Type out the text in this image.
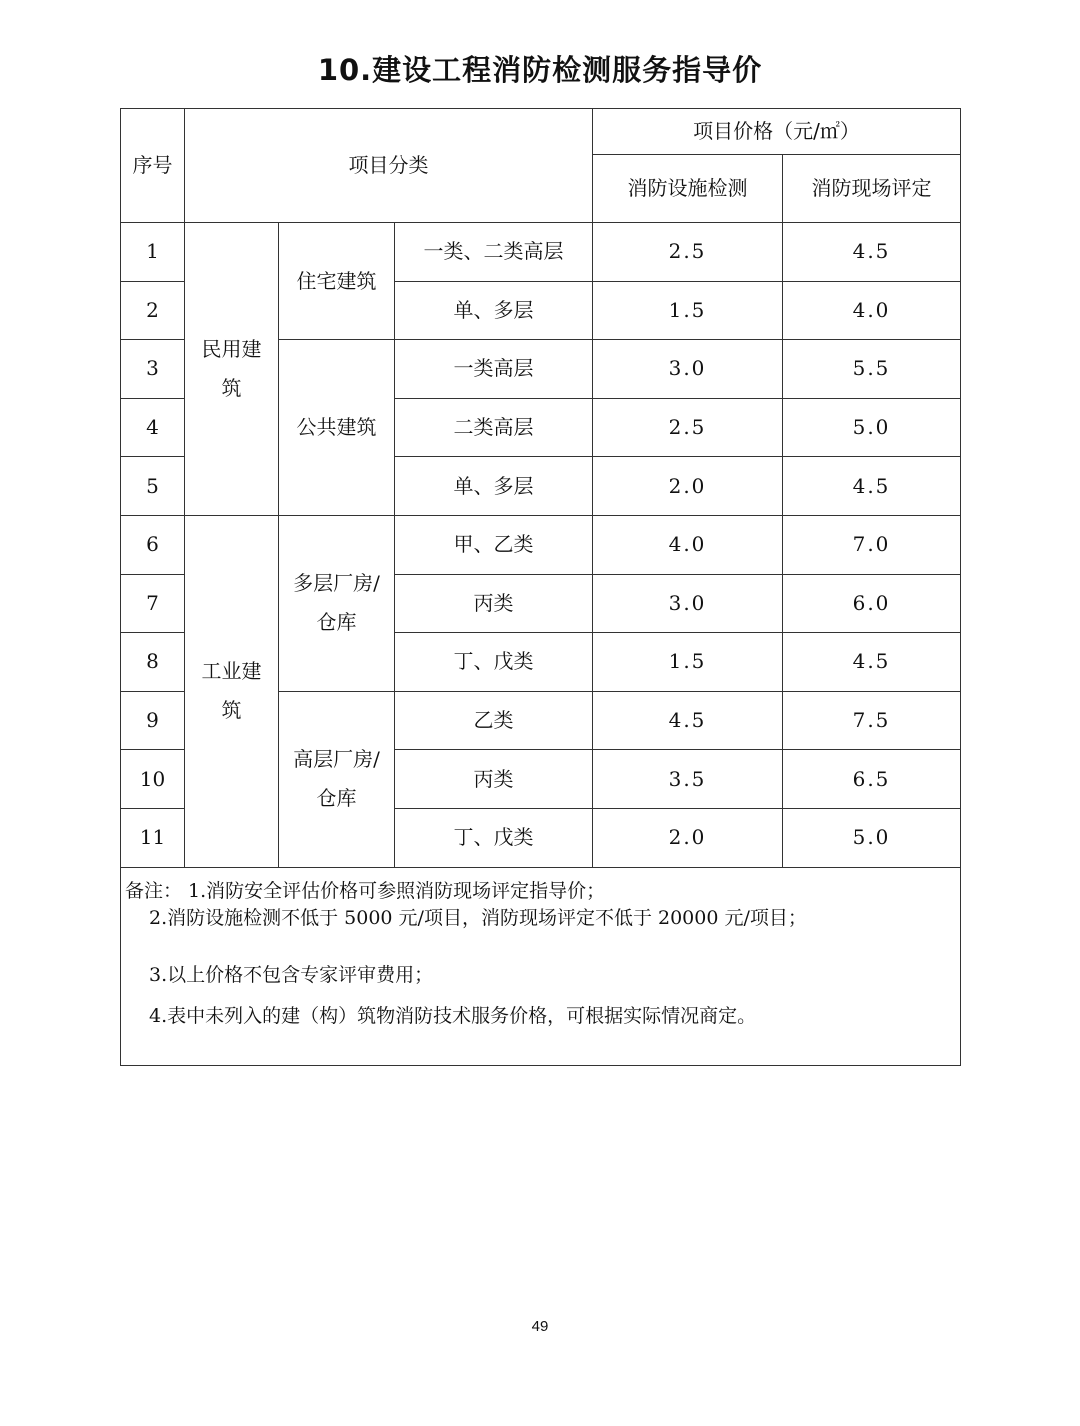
10.建设工程消防检测服务指导价
序号	项目分类			项目价格（元/㎡）	
				消防设施检测	消防现场评定
1	民用建筑	住宅建筑	一类、二类高层	2.5	4.5
2			单、多层	1.5	4.0
3		公共建筑	一类高层	3.0	5.5
4			二类高层	2.5	5.0
5			单、多层	2.0	4.5
6	工业建筑	多层厂房/仓库	甲、乙类	4.0	7.0
7			丙类	3.0	6.0
8			丁、戊类	1.5	4.5
9		高层厂房/仓库	乙类	4.5	7.5
10			丙类	3.5	6.5
11			丁、戊类	2.0	5.0

备注： 1.消防安全评估价格可参照消防现场评定指导价；
2.消防设施检测不低于 5000 元/项目，消防现场评定不低于 20000 元/项目；
3.以上价格不包含专家评审费用；
4.表中未列入的建（构）筑物消防技术服务价格，可根据实际情况商定。					
49
